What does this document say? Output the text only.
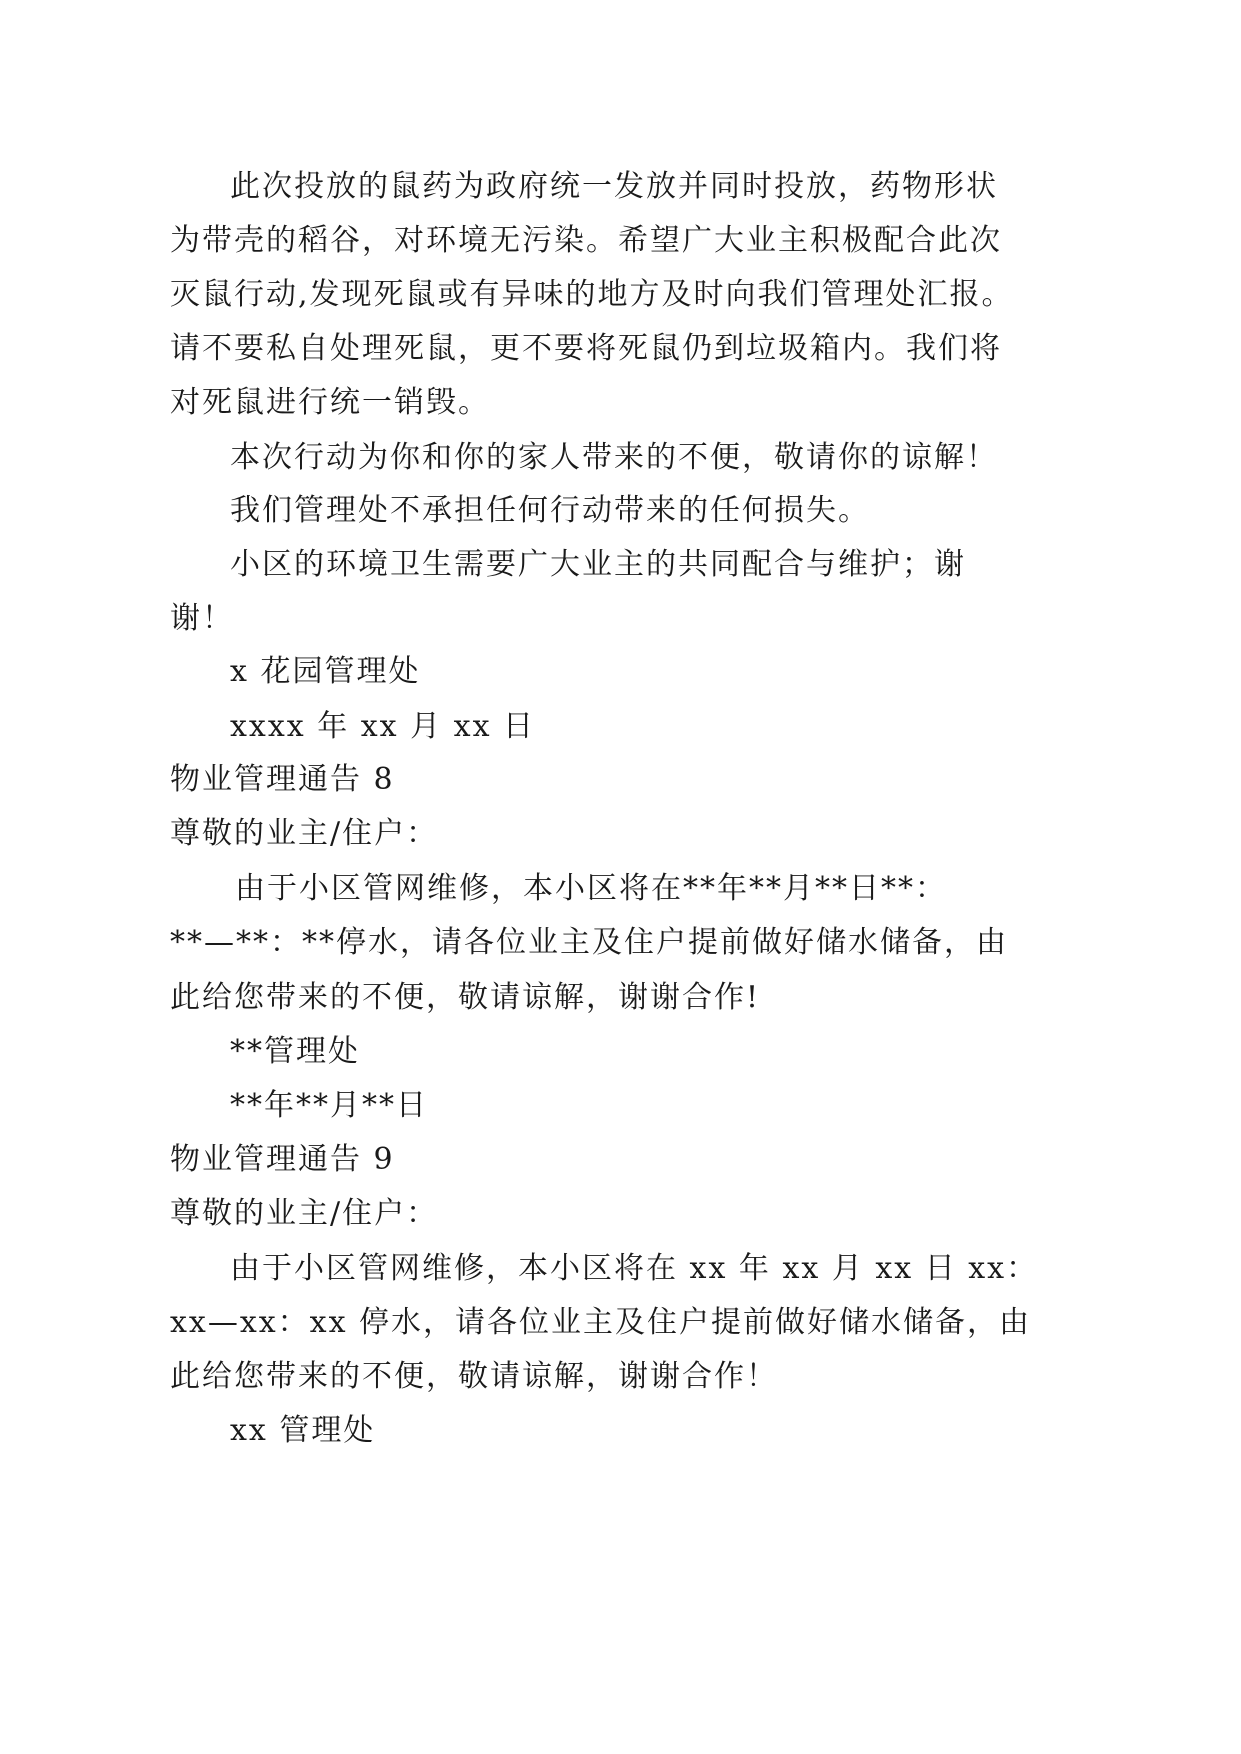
此次投放的鼠药为政府统一发放并同时投放，药物形状

为带壳的稻谷，对环境无污染。希望广大业主积极配合此次

灭鼠行动,发现死鼠或有异味的地方及时向我们管理处汇报。

请不要私自处理死鼠，更不要将死鼠仍到垃圾箱内。我们将

对死鼠进行统一销毁。

本次行动为你和你的家人带来的不便，敬请你的谅解！

我们管理处不承担任何行动带来的任何损失。

小区的环境卫生需要广大业主的共同配合与维护；谢

谢！

x 花园管理处

xxxx 年 xx 月 xx 日

物业管理通告 8

尊敬的业主/住户：

由于小区管网维修，本小区将在**年**月**日**：

**—**：**停水，请各位业主及住户提前做好储水储备，由

此给您带来的不便，敬请谅解，谢谢合作!

**管理处

**年**月**日

物业管理通告 9

尊敬的业主/住户：

由于小区管网维修，本小区将在 xx 年 xx 月 xx 日 xx：

xx—xx：xx 停水，请各位业主及住户提前做好储水储备，由

此给您带来的不便，敬请谅解，谢谢合作！

xx 管理处
